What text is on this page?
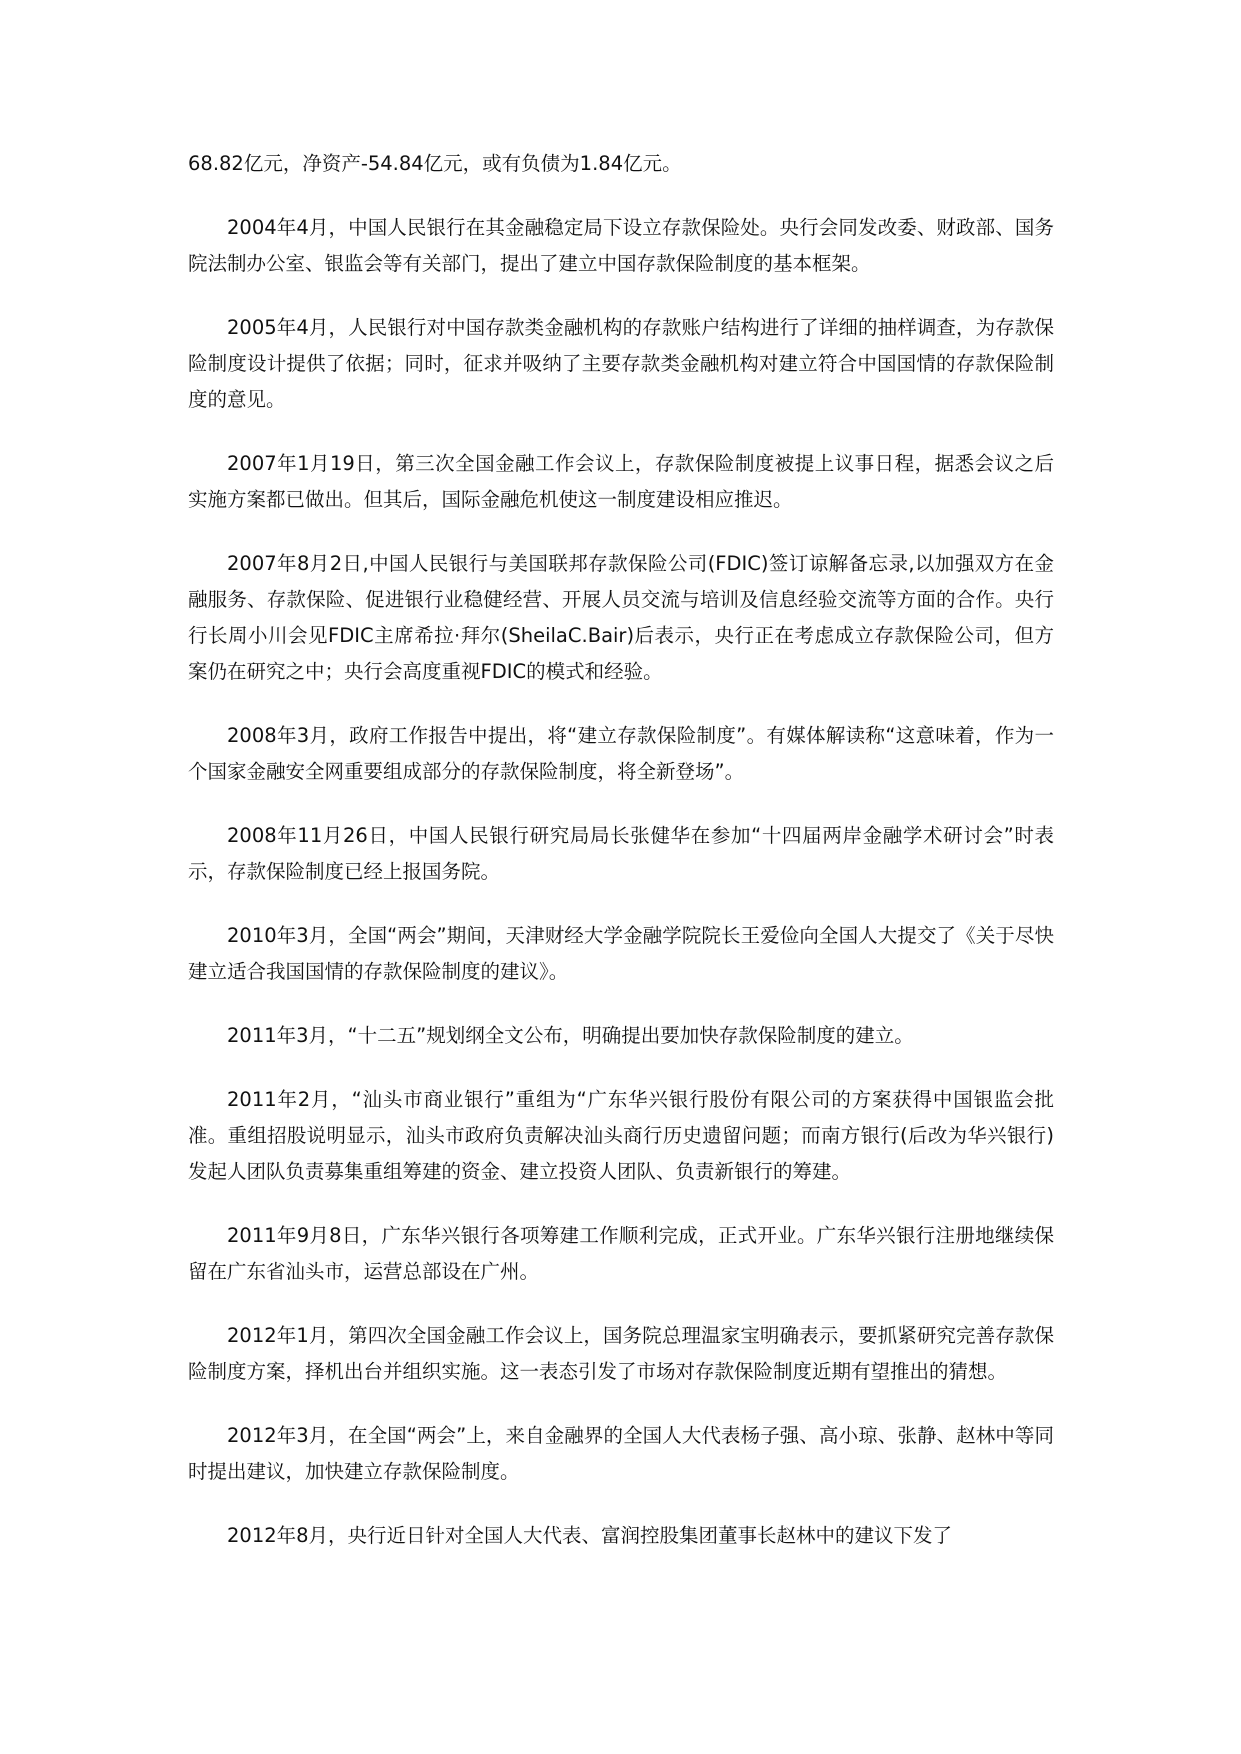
68.82亿元，净资产-54.84亿元，或有负债为1.84亿元。

2004年4月，中国人民银行在其金融稳定局下设立存款保险处。央行会同发改委、财政部、国务院法制办公室、银监会等有关部门，提出了建立中国存款保险制度的基本框架。

2005年4月，人民银行对中国存款类金融机构的存款账户结构进行了详细的抽样调查，为存款保险制度设计提供了依据；同时，征求并吸纳了主要存款类金融机构对建立符合中国国情的存款保险制度的意见。

2007年1月19日，第三次全国金融工作会议上，存款保险制度被提上议事日程，据悉会议之后实施方案都已做出。但其后，国际金融危机使这一制度建设相应推迟。

2007年8月2日,中国人民银行与美国联邦存款保险公司(FDIC)签订谅解备忘录,以加强双方在金融服务、存款保险、促进银行业稳健经营、开展人员交流与培训及信息经验交流等方面的合作。央行行长周小川会见FDIC主席希拉·拜尔(SheilaC.Bair)后表示，央行正在考虑成立存款保险公司，但方案仍在研究之中；央行会高度重视FDIC的模式和经验。

2008年3月，政府工作报告中提出，将“建立存款保险制度”。有媒体解读称“这意味着，作为一个国家金融安全网重要组成部分的存款保险制度，将全新登场”。

2008年11月26日，中国人民银行研究局局长张健华在参加“十四届两岸金融学术研讨会”时表示，存款保险制度已经上报国务院。

2010年3月，全国“两会”期间，天津财经大学金融学院院长王爱俭向全国人大提交了《关于尽快建立适合我国国情的存款保险制度的建议》。

2011年3月，“十二五”规划纲全文公布，明确提出要加快存款保险制度的建立。

2011年2月，“汕头市商业银行”重组为“广东华兴银行股份有限公司的方案获得中国银监会批准。重组招股说明显示，汕头市政府负责解决汕头商行历史遗留问题；而南方银行(后改为华兴银行)发起人团队负责募集重组筹建的资金、建立投资人团队、负责新银行的筹建。

2011年9月8日，广东华兴银行各项筹建工作顺利完成，正式开业。广东华兴银行注册地继续保留在广东省汕头市，运营总部设在广州。

2012年1月，第四次全国金融工作会议上，国务院总理温家宝明确表示，要抓紧研究完善存款保险制度方案，择机出台并组织实施。这一表态引发了市场对存款保险制度近期有望推出的猜想。

2012年3月，在全国“两会”上，来自金融界的全国人大代表杨子强、高小琼、张静、赵林中等同时提出建议，加快建立存款保险制度。

2012年8月，央行近日针对全国人大代表、富润控股集团董事长赵林中的建议下发了
